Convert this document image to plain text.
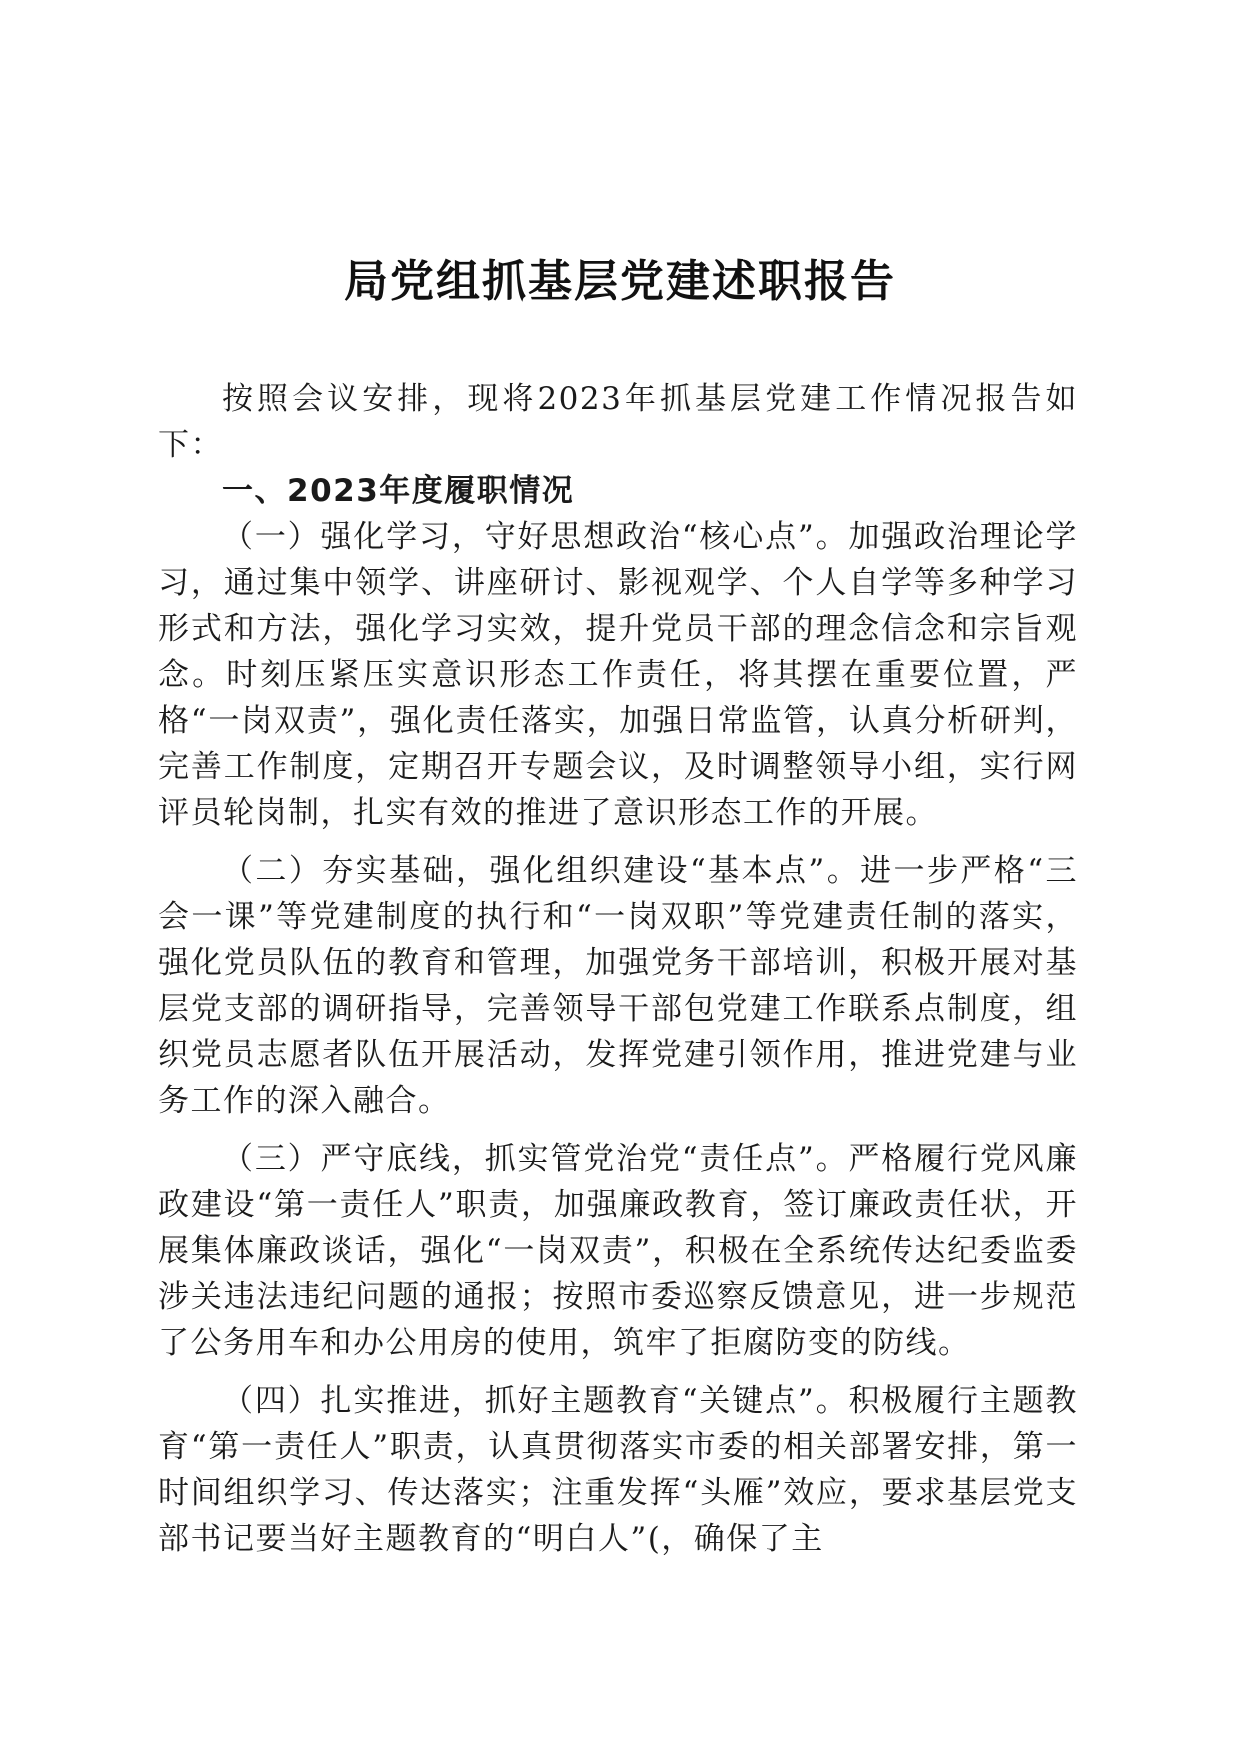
局党组抓基层党建述职报告

按照会议安排，现将2023年抓基层党建工作情况报告如下：

一、2023年度履职情况

（一）强化学习，守好思想政治“核心点”。加强政治理论学习，通过集中领学、讲座研讨、影视观学、个人自学等多种学习形式和方法，强化学习实效，提升党员干部的理念信念和宗旨观念。时刻压紧压实意识形态工作责任，将其摆在重要位置，严格“一岗双责”，强化责任落实，加强日常监管，认真分析研判，完善工作制度，定期召开专题会议，及时调整领导小组，实行网评员轮岗制，扎实有效的推进了意识形态工作的开展。

（二）夯实基础，强化组织建设“基本点”。进一步严格“三会一课”等党建制度的执行和“一岗双职”等党建责任制的落实，强化党员队伍的教育和管理，加强党务干部培训，积极开展对基层党支部的调研指导，完善领导干部包党建工作联系点制度，组织党员志愿者队伍开展活动，发挥党建引领作用，推进党建与业务工作的深入融合。

（三）严守底线，抓实管党治党“责任点”。严格履行党风廉政建设“第一责任人”职责，加强廉政教育，签订廉政责任状，开展集体廉政谈话，强化“一岗双责”，积极在全系统传达纪委监委涉关违法违纪问题的通报；按照市委巡察反馈意见，进一步规范了公务用车和办公用房的使用，筑牢了拒腐防变的防线。

（四）扎实推进，抓好主题教育“关键点”。积极履行主题教育“第一责任人”职责，认真贯彻落实市委的相关部署安排，第一时间组织学习、传达落实；注重发挥“头雁”效应，要求基层党支部书记要当好主题教育的“明白人”(，确保了主
